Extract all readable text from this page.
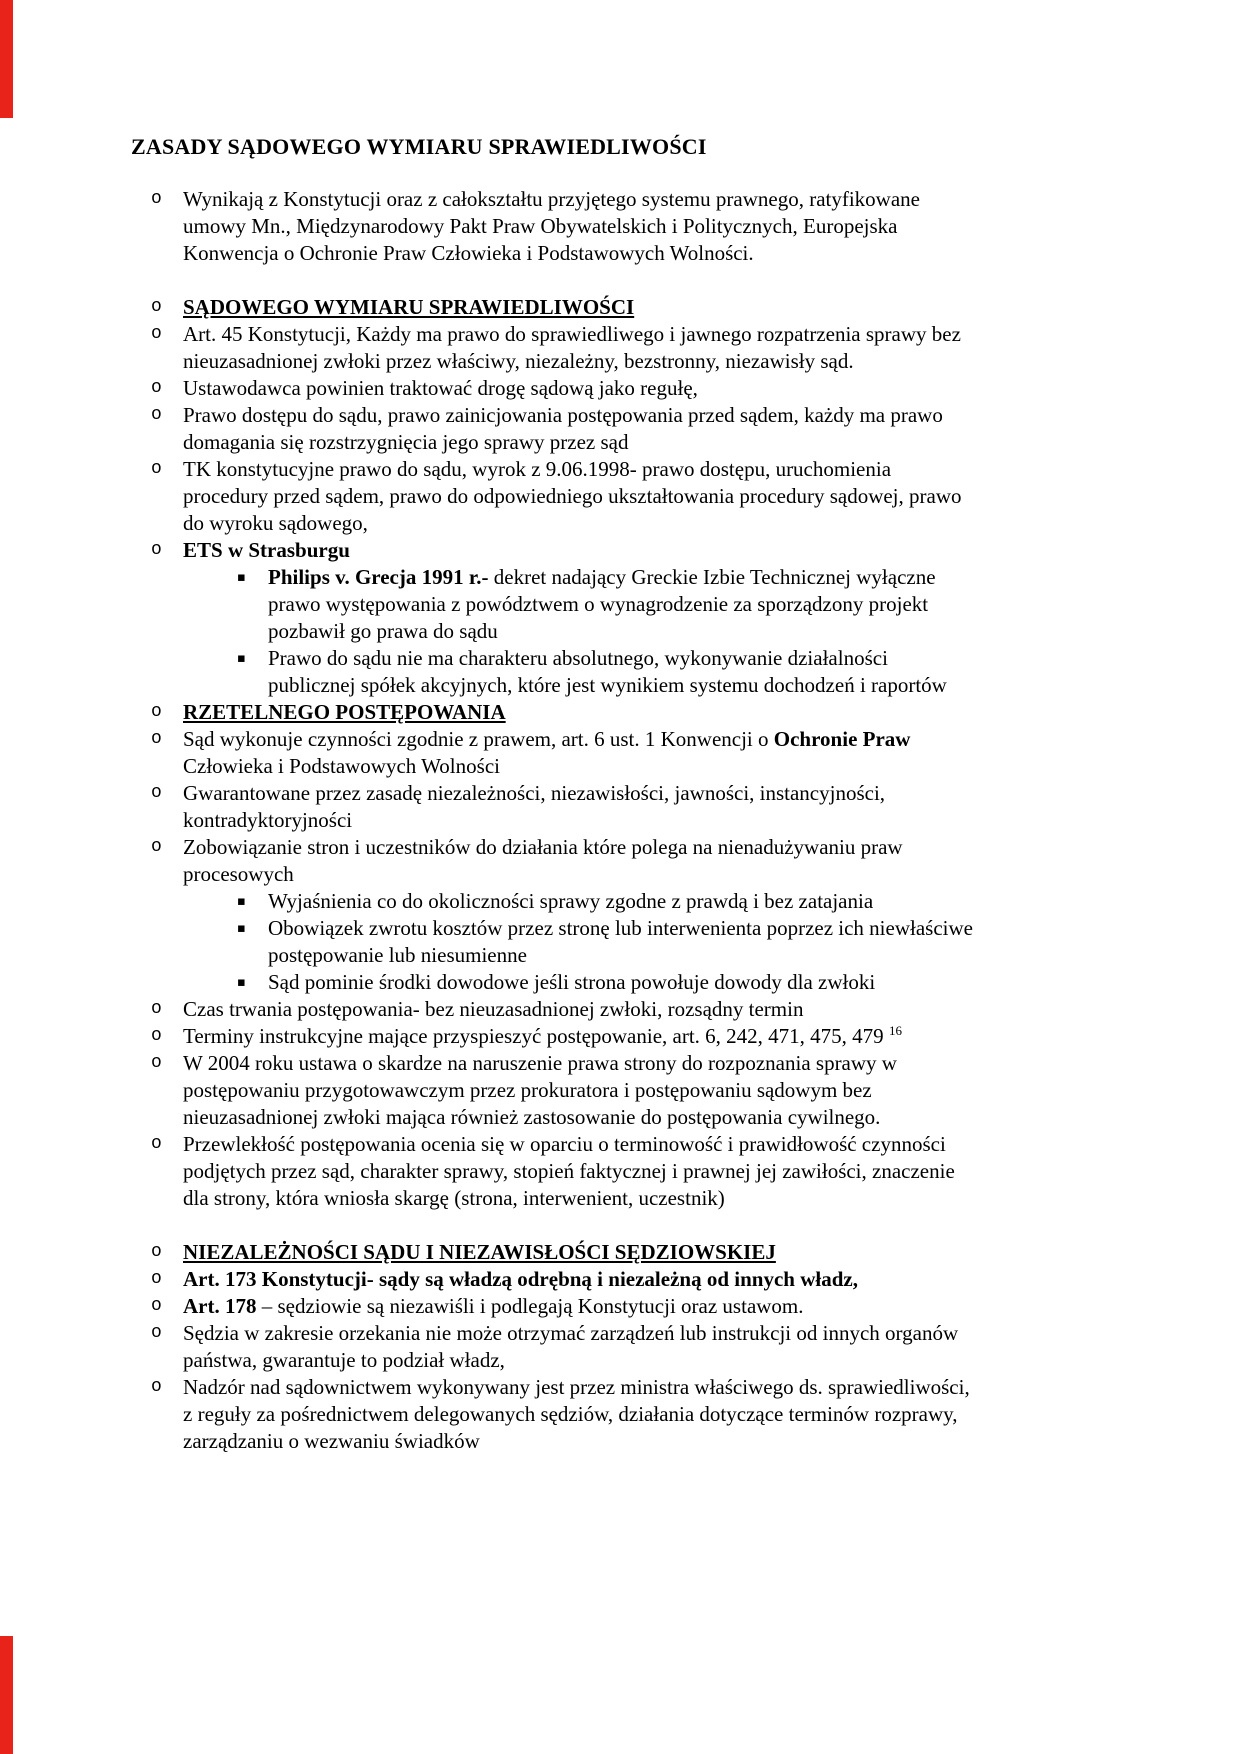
ZASADY SĄDOWEGO WYMIARU SPRAWIEDLIWOŚCI
o	Wynikają z Konstytucji oraz z całokształtu przyjętego systemu prawnego, ratyfikowane umowy Mn., Międzynarodowy Pakt Praw Obywatelskich i Politycznych, Europejska Konwencja o Ochronie Praw Człowieka i Podstawowych Wolności.
o	SĄDOWEGO WYMIARU SPRAWIEDLIWOŚCI
o	Art. 45 Konstytucji, Każdy ma prawo do sprawiedliwego i jawnego rozpatrzenia sprawy bez nieuzasadnionej zwłoki przez właściwy, niezależny, bezstronny, niezawisły sąd.
o	Ustawodawca powinien traktować drogę sądową jako regułę,
o	Prawo dostępu do sądu, prawo zainicjowania postępowania przed sądem, każdy ma prawo domagania się rozstrzygnięcia jego sprawy przez sąd
o	TK konstytucyjne prawo do sądu, wyrok z 9.06.1998- prawo dostępu, uruchomienia procedury przed sądem, prawo do odpowiedniego ukształtowania procedury sądowej, prawo do wyroku sądowego,
o	ETS w Strasburgu
▪	Philips v. Grecja 1991 r.- dekret nadający Greckie Izbie Technicznej wyłączne prawo występowania z powództwem o wynagrodzenie za sporządzony projekt pozbawił go prawa do sądu
▪	Prawo do sądu nie ma charakteru absolutnego, wykonywanie działalności publicznej spółek akcyjnych, które jest wynikiem systemu dochodzeń i raportów
o	RZETELNEGO POSTĘPOWANIA
o	Sąd wykonuje czynności zgodnie z prawem, art. 6 ust. 1 Konwencji o Ochronie Praw Człowieka i Podstawowych Wolności
o	Gwarantowane przez zasadę niezależności, niezawisłości, jawności, instancyjności, kontradyktoryjności
o	Zobowiązanie stron i uczestników do działania które polega na nienadużywaniu praw procesowych
▪	Wyjaśnienia co do okoliczności sprawy zgodne z prawdą i bez zatajania
▪	Obowiązek zwrotu kosztów przez stronę lub interwenienta poprzez ich niewłaściwe postępowanie lub niesumienne
▪	Sąd pominie środki dowodowe jeśli strona powołuje dowody dla zwłoki
o	Czas trwania postępowania- bez nieuzasadnionej zwłoki, rozsądny termin
o	Terminy instrukcyjne mające przyspieszyć postępowanie, art. 6, 242, 471, 475, 479 $^{16}$
o	W 2004 roku ustawa o skardze na naruszenie prawa strony do rozpoznania sprawy w postępowaniu przygotowawczym przez prokuratora i postępowaniu sądowym bez nieuzasadnionej zwłoki mająca również zastosowanie do postępowania cywilnego.
o	Przewlekłość postępowania ocenia się w oparciu o terminowość i prawidłowość czynności podjętych przez sąd, charakter sprawy, stopień faktycznej i prawnej jej zawiłości, znaczenie dla strony, która wniosła skargę (strona, interwenient, uczestnik)
o	NIEZALEŻNOŚCI SĄDU I NIEZAWISŁOŚCI SĘDZIOWSKIEJ
o	Art. 173 Konstytucji- sądy są władzą odrębną i niezależną od innych władz,
o	Art. 178 – sędziowie są niezawiśli i podlegają Konstytucji oraz ustawom.
o	Sędzia w zakresie orzekania nie może otrzymać zarządzeń lub instrukcji od innych organów państwa, gwarantuje to podział władz,
o	Nadzór nad sądownictwem wykonywany jest przez ministra właściwego ds. sprawiedliwości, z reguły za pośrednictwem delegowanych sędziów, działania dotyczące terminów rozprawy, zarządzaniu o wezwaniu świadków
